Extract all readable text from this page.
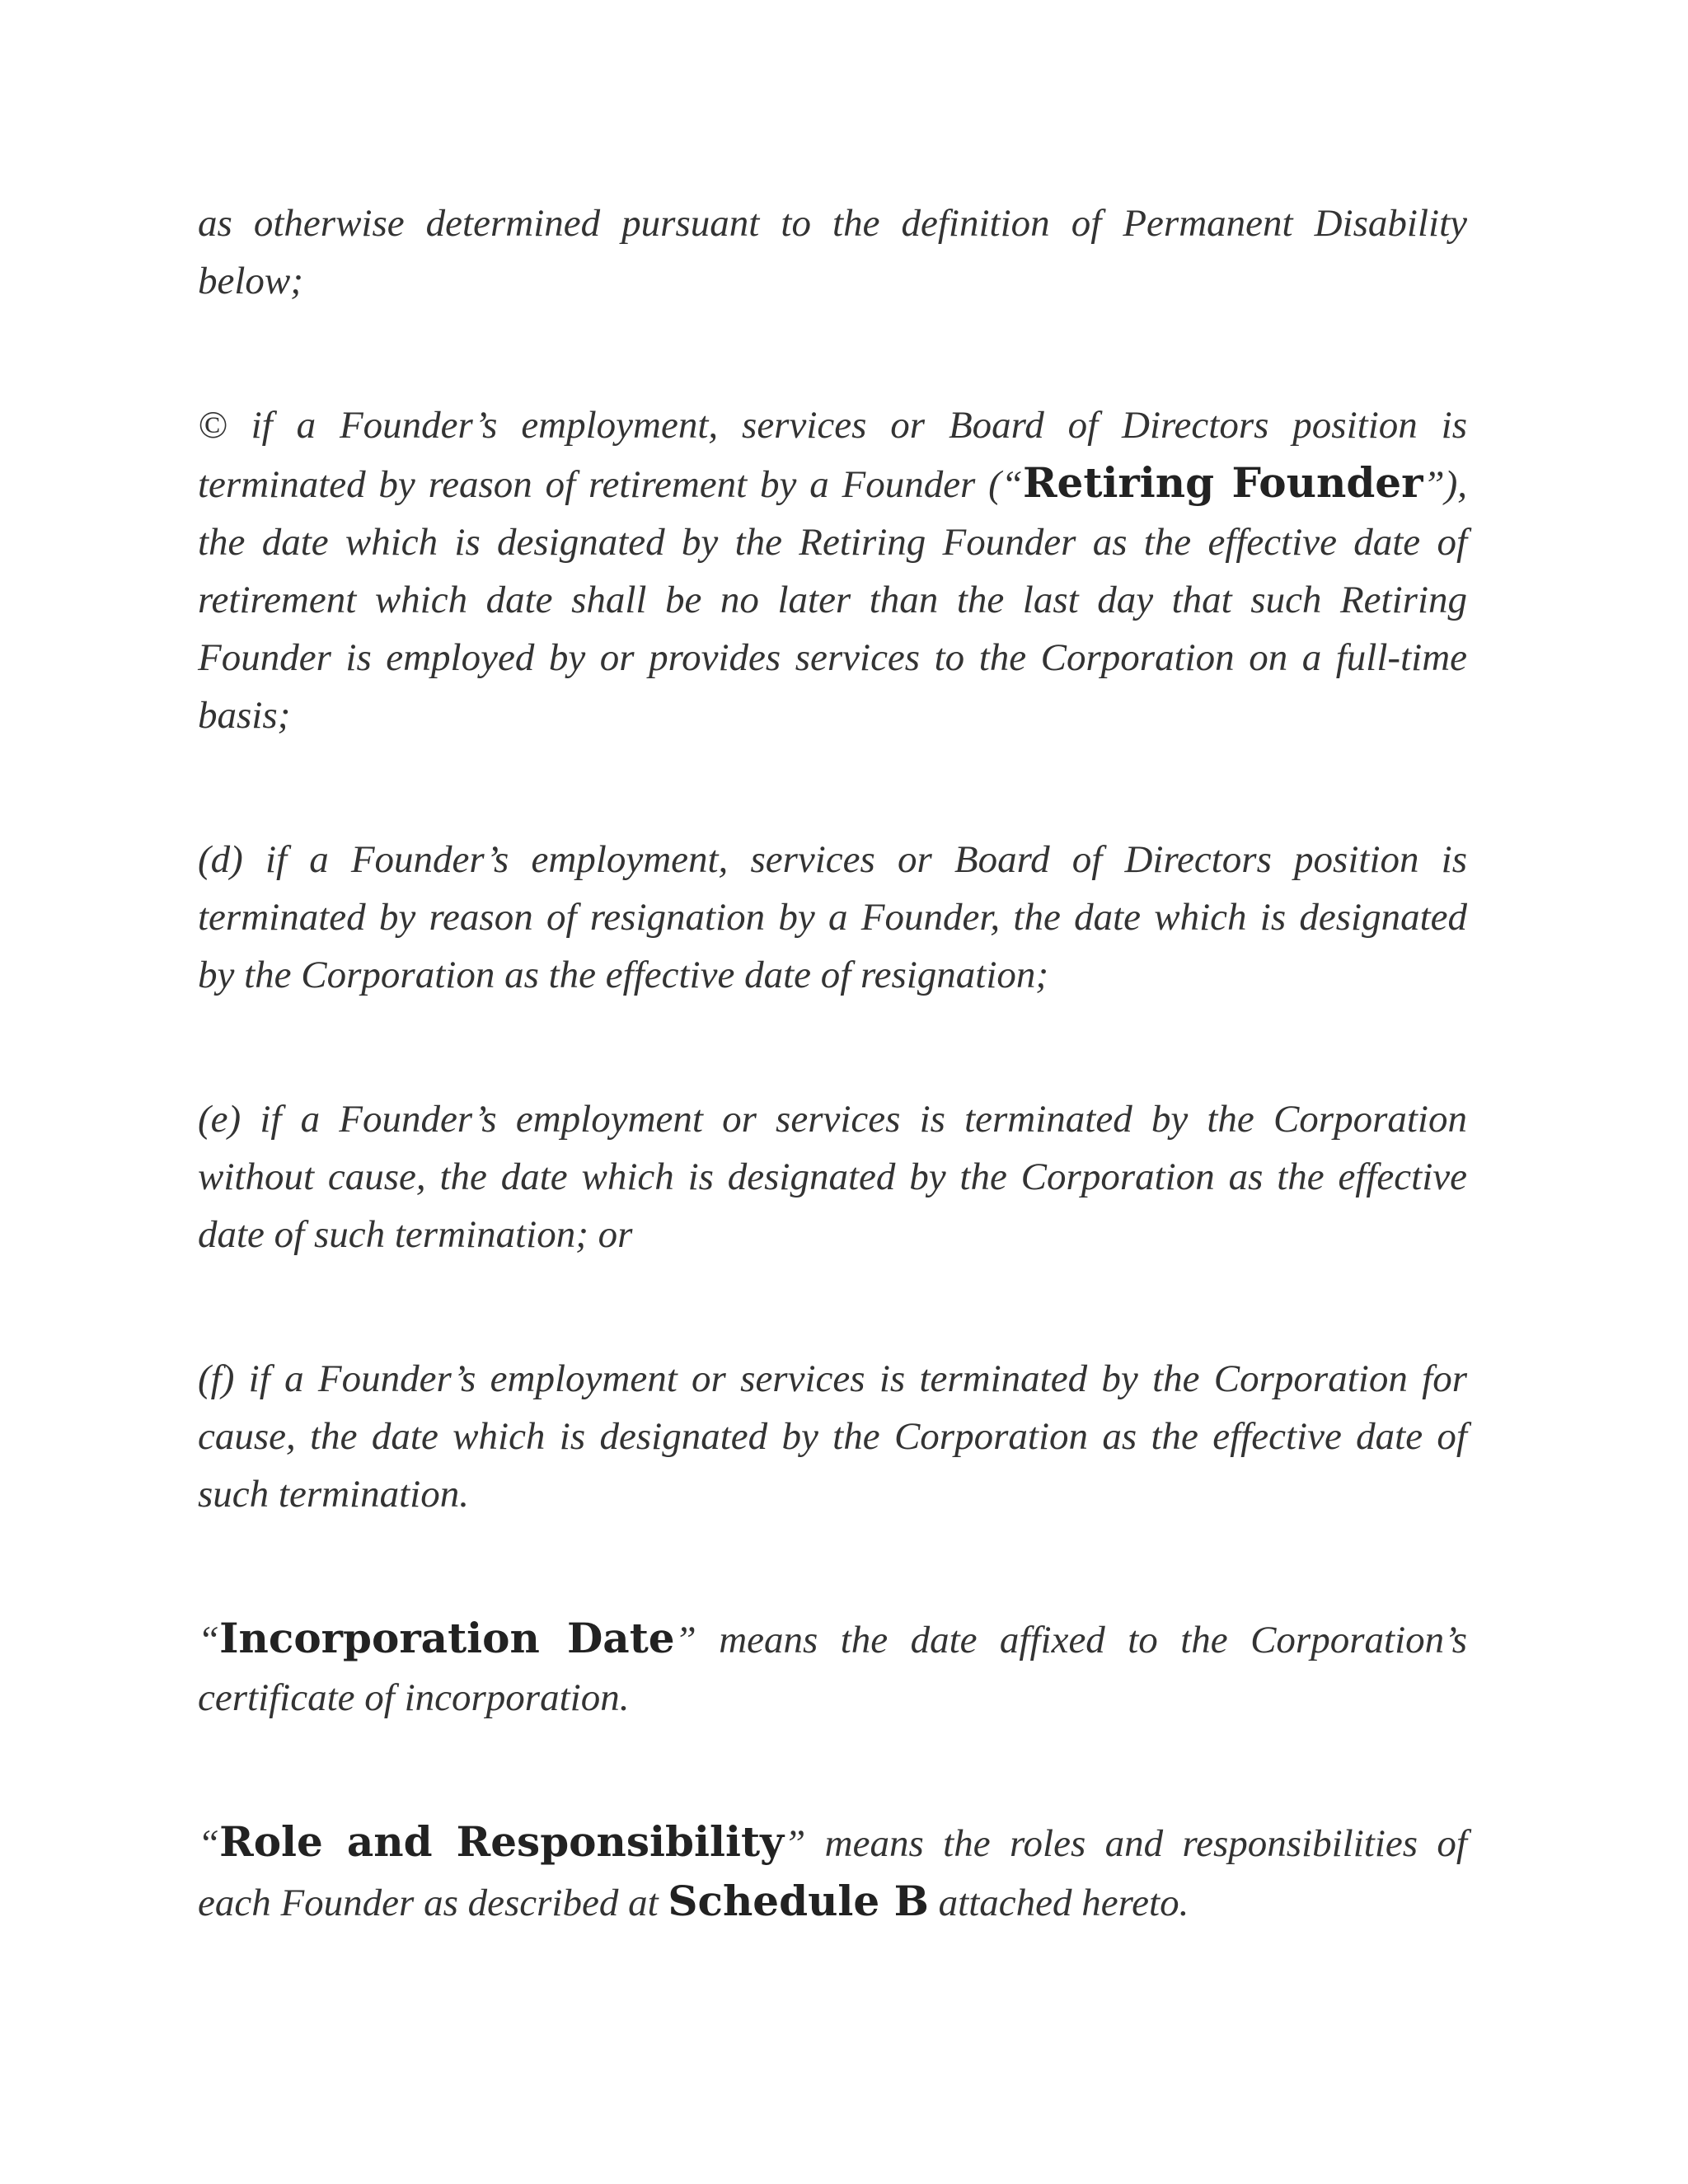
as otherwise determined pursuant to the definition of Permanent Disability below;

© if a Founder’s employment, services or Board of Directors position is terminated by reason of retirement by a Founder (“Retiring Founder”), the date which is designated by the Retiring Founder as the effective date of retirement which date shall be no later than the last day that such Retiring Founder is employed by or provides services to the Corporation on a full-time basis;

(d) if a Founder’s employment, services or Board of Directors position is terminated by reason of resignation by a Founder, the date which is designated by the Corporation as the effective date of resignation;

(e) if a Founder’s employment or services is terminated by the Corporation without cause, the date which is designated by the Corporation as the effective date of such termination; or

(f) if a Founder’s employment or services is terminated by the Corporation for cause, the date which is designated by the Corporation as the effective date of such termination.

“Incorporation Date” means the date affixed to the Corporation’s certificate of incorporation.

“Role and Responsibility” means the roles and responsibilities of each Founder as described at Schedule B attached hereto.
